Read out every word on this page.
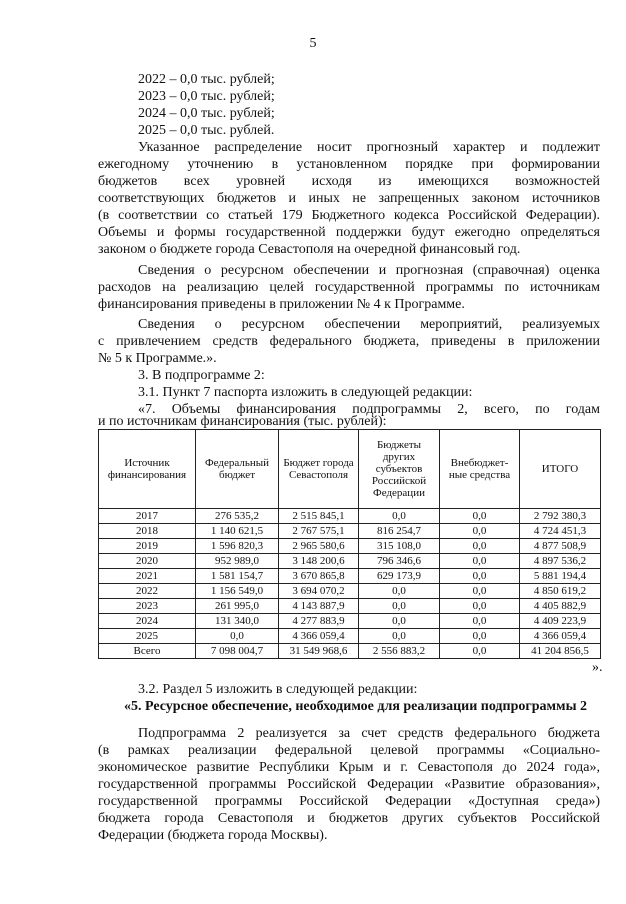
5
2022 – 0,0 тыс. рублей;
2023 – 0,0 тыс. рублей;
2024 – 0,0 тыс. рублей;
2025 – 0,0 тыс. рублей.
Указанное распределение носит прогнозный характер и подлежит
ежегодному уточнению в установленном порядке при формировании
бюджетов всех уровней исходя из имеющихся возможностей
соответствующих бюджетов и иных не запрещенных законом источников
(в соответствии со статьей 179 Бюджетного кодекса Российской Федерации).
Объемы и формы государственной поддержки будут ежегодно определяться
законом о бюджете города Севастополя на очередной финансовый год.
Сведения о ресурсном обеспечении и прогнозная (справочная) оценка
расходов на реализацию целей государственной программы по источникам
финансирования приведены в приложении № 4 к Программе.
Сведения о ресурсном обеспечении мероприятий, реализуемых
с привлечением средств федерального бюджета, приведены в приложении
№ 5 к Программе.».
3. В подпрограмме 2:
3.1. Пункт 7 паспорта изложить в следующей редакции:
«7. Объемы финансирования подпрограммы 2, всего, по годам
и по источникам финансирования (тыс. рублей):
Источник финансирования	Федеральный бюджет	Бюджет города Севастополя	Бюджеты других субъектов Российской Федерации	Внебюджет-ные средства	ИТОГО
2017	276 535,2	2 515 845,1	0,0	0,0	2 792 380,3
2018	1 140 621,5	2 767 575,1	816 254,7	0,0	4 724 451,3
2019	1 596 820,3	2 965 580,6	315 108,0	0,0	4 877 508,9
2020	952 989,0	3 148 200,6	796 346,6	0,0	4 897 536,2
2021	1 581 154,7	3 670 865,8	629 173,9	0,0	5 881 194,4
2022	1 156 549,0	3 694 070,2	0,0	0,0	4 850 619,2
2023	261 995,0	4 143 887,9	0,0	0,0	4 405 882,9
2024	131 340,0	4 277 883,9	0,0	0,0	4 409 223,9
2025	0,0	4 366 059,4	0,0	0,0	4 366 059,4
Всего	7 098 004,7	31 549 968,6	2 556 883,2	0,0	41 204 856,5
».
3.2. Раздел 5 изложить в следующей редакции:
«5. Ресурсное обеспечение, необходимое для реализации подпрограммы 2
Подпрограмма 2 реализуется за счет средств федерального бюджета
(в рамках реализации федеральной целевой программы «Социально-
экономическое развитие Республики Крым и г. Севастополя до 2024 года»,
государственной программы Российской Федерации «Развитие образования»,
государственной программы Российской Федерации «Доступная среда»)
бюджета города Севастополя и бюджетов других субъектов Российской
Федерации (бюджета города Москвы).
